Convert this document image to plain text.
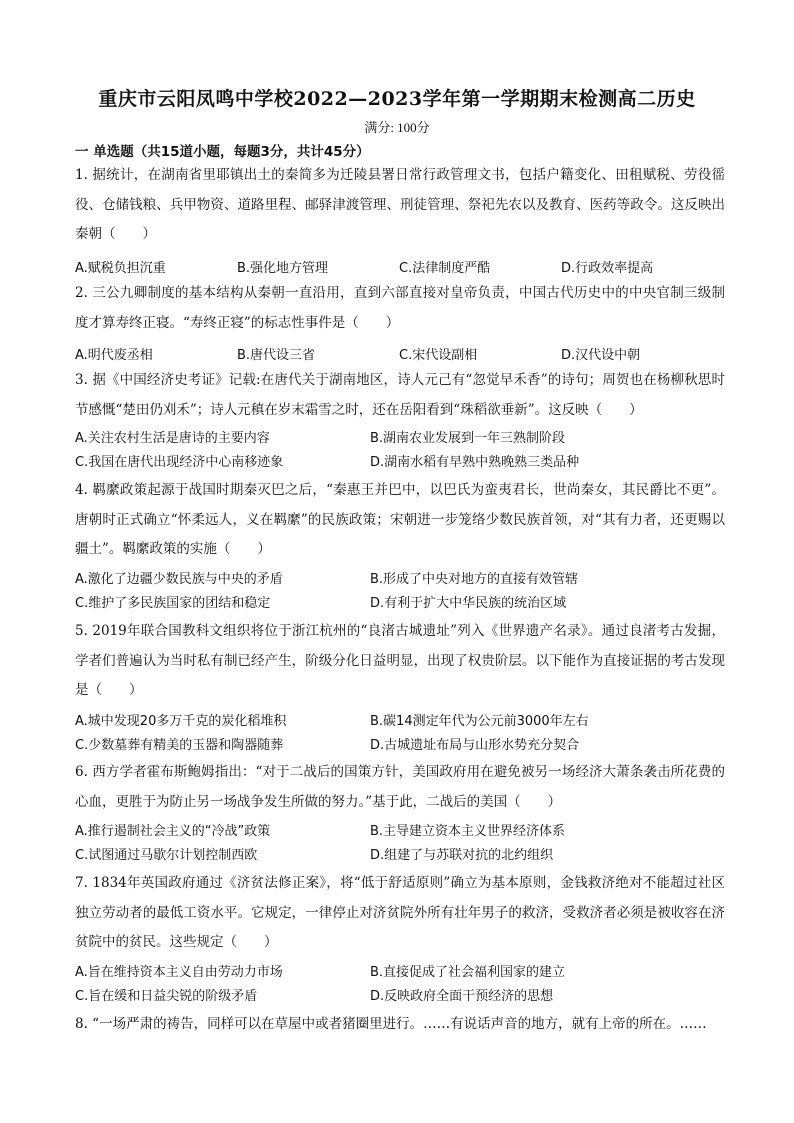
重庆市云阳凤鸣中学校2022—2023学年第一学期期末检测高二历史
满分: 100分
一 单选题（共15道小题，每题3分，共计45分）
1. 据统计，在湖南省里耶镇出土的秦简多为迁陵县署日常行政管理文书，包括户籍变化、田租赋税、劳役徭役、仓储钱粮、兵甲物资、道路里程、邮驿津渡管理、刑徒管理、祭祀先农以及教育、医药等政令。这反映出秦朝（　　）
A.赋税负担沉重	B.强化地方管理	C.法律制度严酷	D.行政效率提高
2. 三公九卿制度的基本结构从秦朝一直沿用，直到六部直接对皇帝负责，中国古代历史中的中央官制三级制度才算寿终正寝。“寿终正寝”的标志性事件是（　　）
A.明代废丞相	B.唐代设三省	C.宋代设副相	D.汉代设中朝
3. 据《中国经济史考证》记载:在唐代关于湖南地区，诗人元己有“忽觉早禾香”的诗句；周贺也在杨柳秋思时节感慨“楚田仍刈禾”；诗人元稹在岁末霜雪之时，还在岳阳看到“珠稻欲垂新”。这反映（　　）
A.关注农村生活是唐诗的主要内容	B.湖南农业发展到一年三熟制阶段
C.我国在唐代出现经济中心南移迹象	D.湖南水稻有早熟中熟晚熟三类品种
4. 羁縻政策起源于战国时期秦灭巴之后，“秦惠王并巴中，以巴氏为蛮夷君长，世尚秦女，其民爵比不更”。唐朝时正式确立“怀柔远人，义在羁縻”的民族政策；宋朝进一步笼络少数民族首领，对“其有力者，还更赐以疆土”。羁縻政策的实施（　　）
A.激化了边疆少数民族与中央的矛盾	B.形成了中央对地方的直接有效管辖
C.维护了多民族国家的团结和稳定	D.有利于扩大中华民族的统治区域
5. 2019年联合国教科文组织将位于浙江杭州的“良渚古城遗址”列入《世界遗产名录》。通过良渚考古发掘，学者们普遍认为当时私有制已经产生，阶级分化日益明显，出现了权贵阶层。以下能作为直接证据的考古发现是（　　）
A.城中发现20多万千克的炭化稻堆积	B.碳14测定年代为公元前3000年左右
C.少数墓葬有精美的玉器和陶器随葬	D.古城遗址布局与山形水势充分契合
6. 西方学者霍布斯鲍姆指出：“对于二战后的国策方针，美国政府用在避免被另一场经济大萧条袭击所花费的心血，更胜于为防止另一场战争发生所做的努力。”基于此，二战后的美国（　　）
A.推行遏制社会主义的“冷战”政策	B.主导建立资本主义世界经济体系
C.试图通过马歇尔计划控制西欧	D.组建了与苏联对抗的北约组织
7. 1834年英国政府通过《济贫法修正案》，将“低于舒适原则”确立为基本原则，金钱救济绝对不能超过社区独立劳动者的最低工资水平。它规定，一律停止对济贫院外所有壮年男子的救济，受救济者必须是被收容在济贫院中的贫民。这些规定（　　）
A.旨在维持资本主义自由劳动力市场	B.直接促成了社会福利国家的建立
C.旨在缓和日益尖锐的阶级矛盾	D.反映政府全面干预经济的思想
8. “一场严肃的祷告，同样可以在草屋中或者猪圈里进行。……有说话声音的地方，就有上帝的所在。……
